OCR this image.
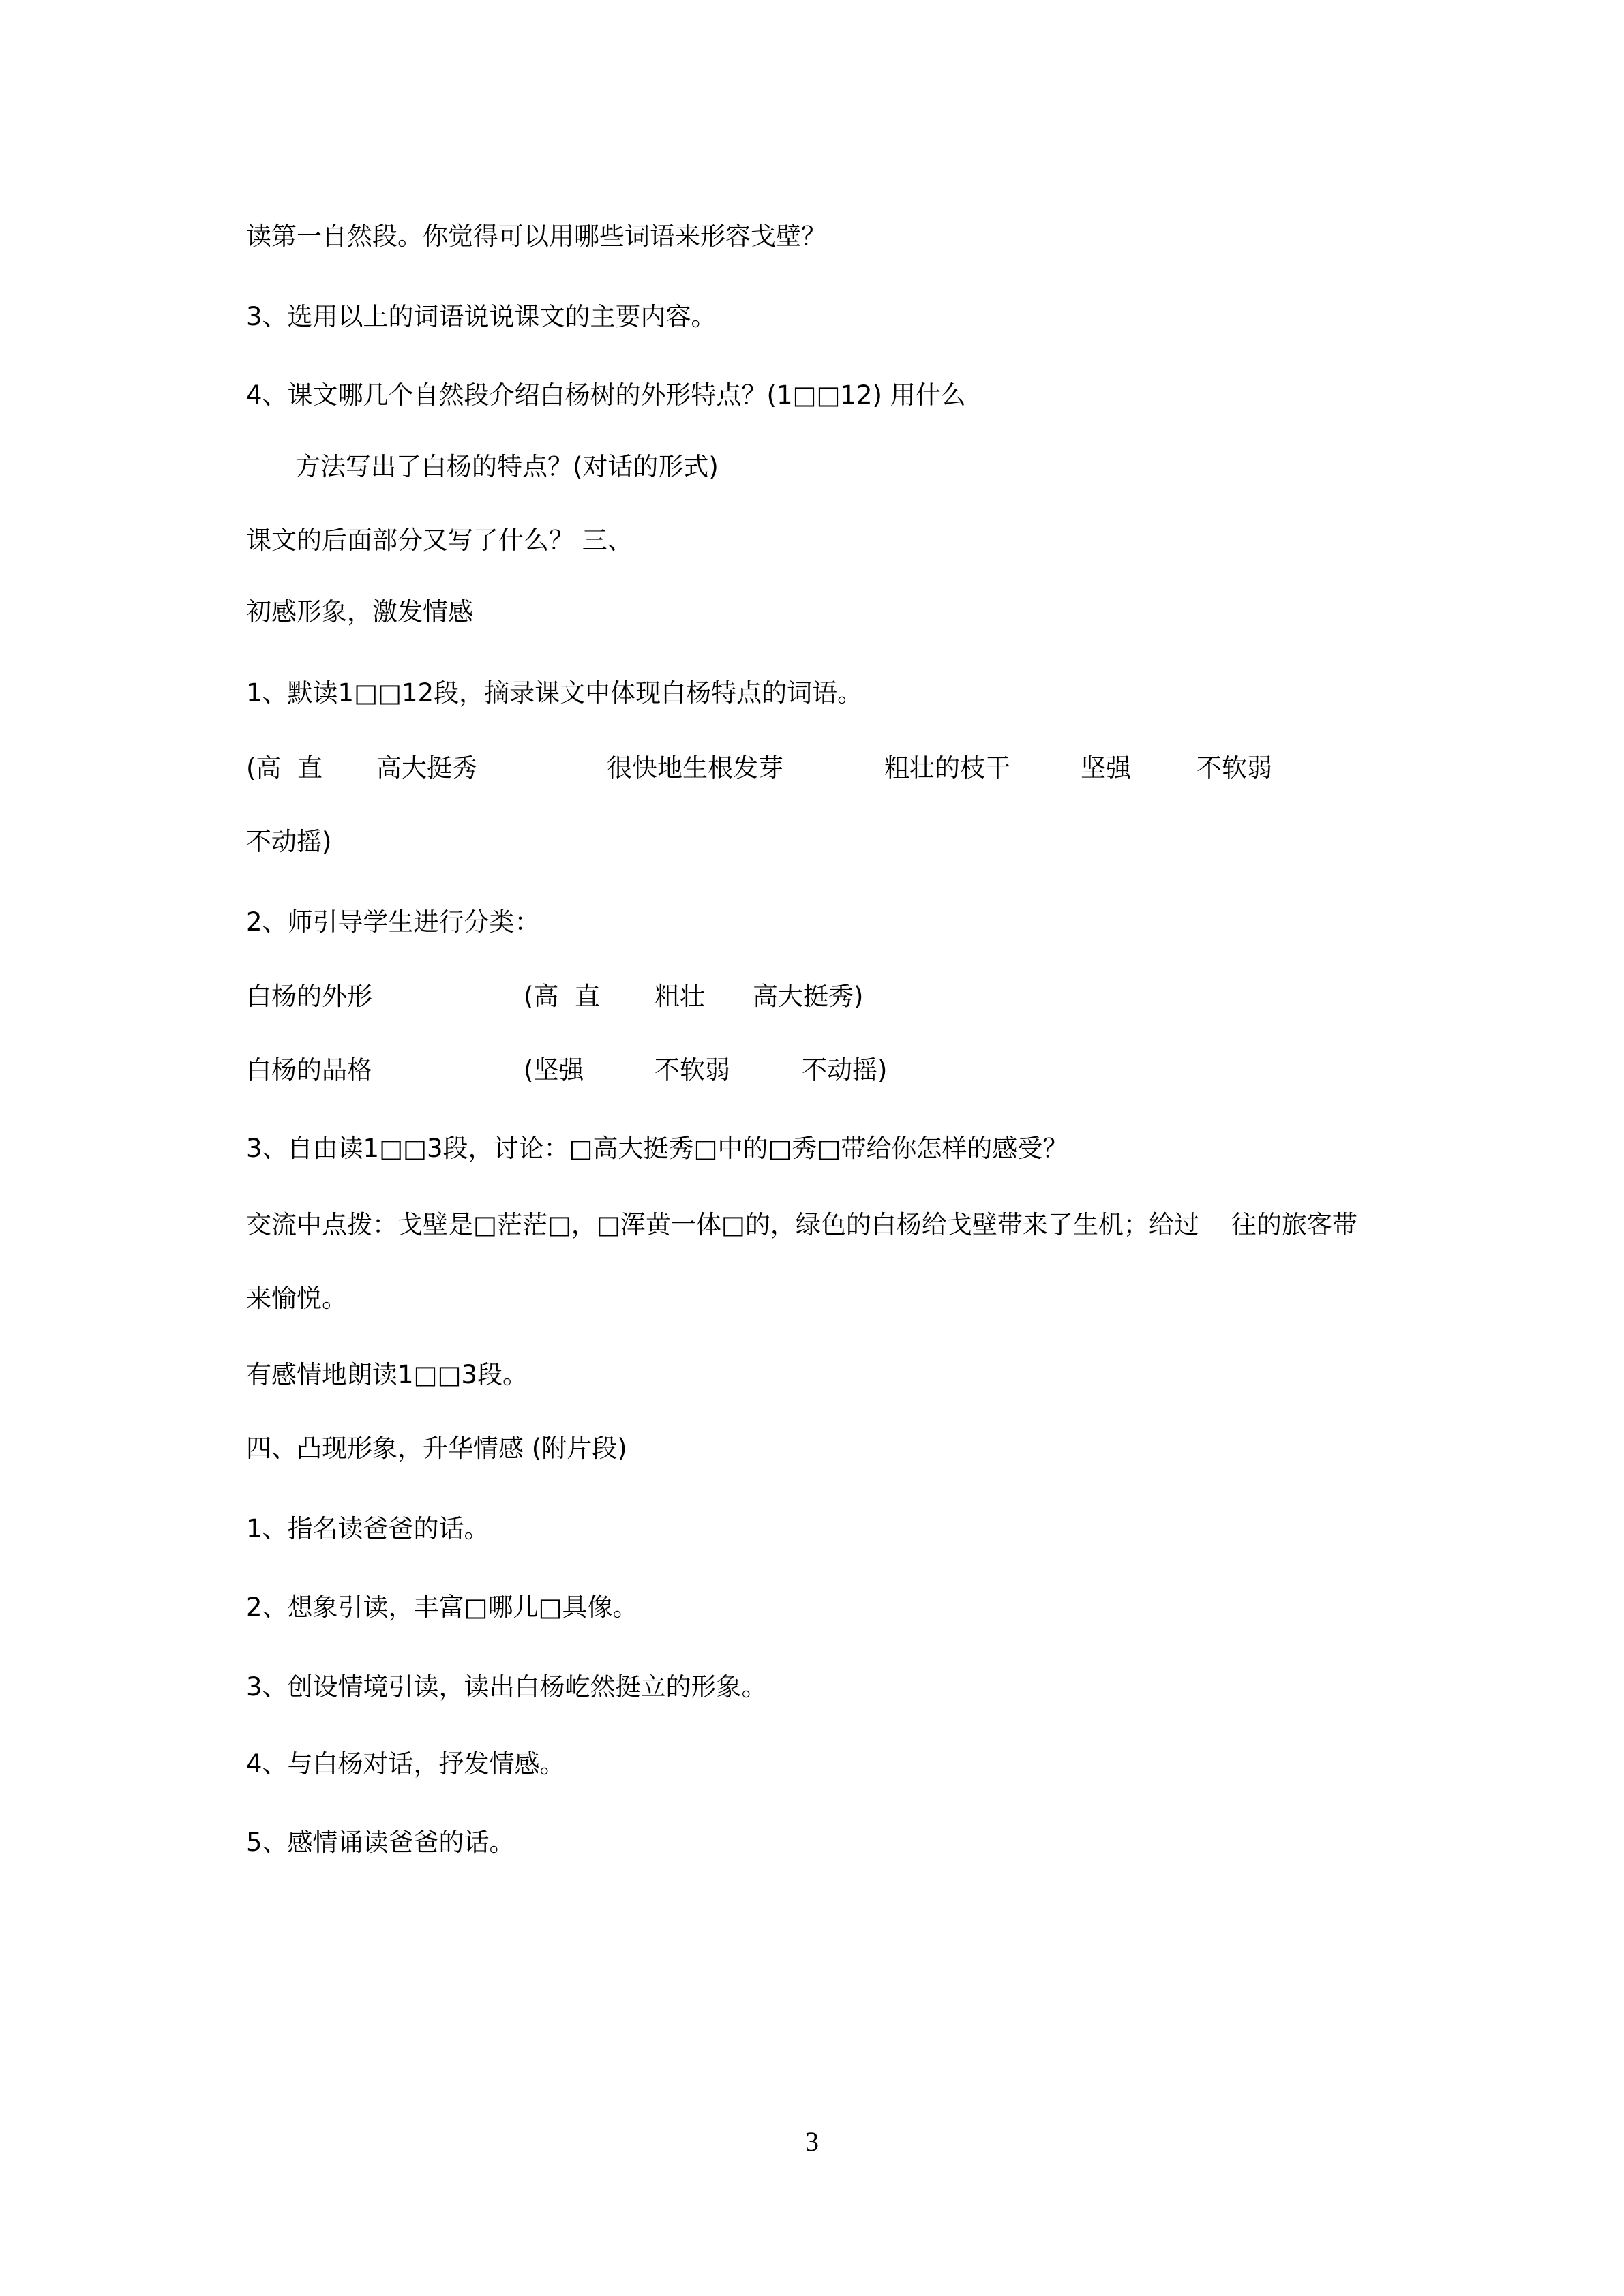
读第一自然段。你觉得可以用哪些词语来形容戈壁？
3、选用以上的词语说说课文的主要内容。
4、课文哪几个自然段介绍白杨树的外形特点？(1□□12) 用什么
方法写出了白杨的特点？(对话的形式)
课文的后面部分又写了什么？ 三、
初感形象，激发情感
1、默读1□□12段，摘录课文中体现白杨特点的词语。
(高  直 高大挺秀	很快地生根发芽	粗壮的枝干	坚强	不软弱
不动摇)
2、师引导学生进行分类：
白杨的外形	(高  直 粗壮 高大挺秀)
白杨的品格	(坚强	不软弱	不动摇)
3、自由读1□□3段，讨论：□高大挺秀□中的□秀□带给你怎样的感受？
交流中点拨：戈壁是□茫茫□，□浑黄一体□的，绿色的白杨给戈壁带来了生机；给过    往的旅客带
来愉悦。
有感情地朗读1□□3段。
四、凸现形象，升华情感 (附片段)
1、指名读爸爸的话。
2、想象引读，丰富□哪儿□具像。
3、创设情境引读，读出白杨屹然挺立的形象。
4、与白杨对话，抒发情感。
5、感情诵读爸爸的话。
3
